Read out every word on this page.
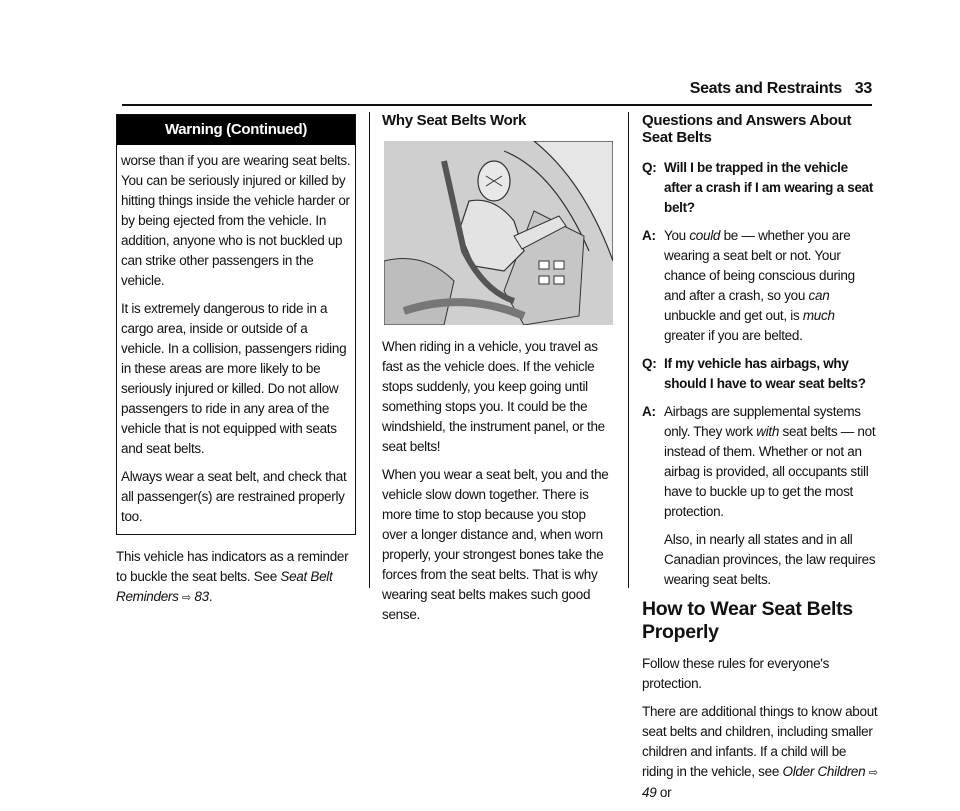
Seats and Restraints 33
Warning (Continued)

worse than if you are wearing seat belts. You can be seriously injured or killed by hitting things inside the vehicle harder or by being ejected from the vehicle. In addition, anyone who is not buckled up can strike other passengers in the vehicle.

It is extremely dangerous to ride in a cargo area, inside or outside of a vehicle. In a collision, passengers riding in these areas are more likely to be seriously injured or killed. Do not allow passengers to ride in any area of the vehicle that is not equipped with seats and seat belts.

Always wear a seat belt, and check that all passenger(s) are restrained properly too.

This vehicle has indicators as a reminder to buckle the seat belts. See Seat Belt Reminders ⇨ 83.

Why Seat Belts Work

When riding in a vehicle, you travel as fast as the vehicle does. If the vehicle stops suddenly, you keep going until something stops you. It could be the windshield, the instrument panel, or the seat belts!

When you wear a seat belt, you and the vehicle slow down together. There is more time to stop because you stop over a longer distance and, when worn properly, your strongest bones take the forces from the seat belts. That is why wearing seat belts makes such good sense.

Questions and Answers About Seat Belts
Q: Will I be trapped in the vehicle after a crash if I am wearing a seat belt?
A: You could be — whether you are wearing a seat belt or not. Your chance of being conscious during and after a crash, so you can unbuckle and get out, is much greater if you are belted.
Q: If my vehicle has airbags, why should I have to wear seat belts?
A: Airbags are supplemental systems only. They work with seat belts — not instead of them. Whether or not an airbag is provided, all occupants still have to buckle up to get the most protection.

Also, in nearly all states and in all Canadian provinces, the law requires wearing seat belts.

How to Wear Seat Belts Properly

Follow these rules for everyone's protection.

There are additional things to know about seat belts and children, including smaller children and infants. If a child will be riding in the vehicle, see Older Children ⇨ 49 or
